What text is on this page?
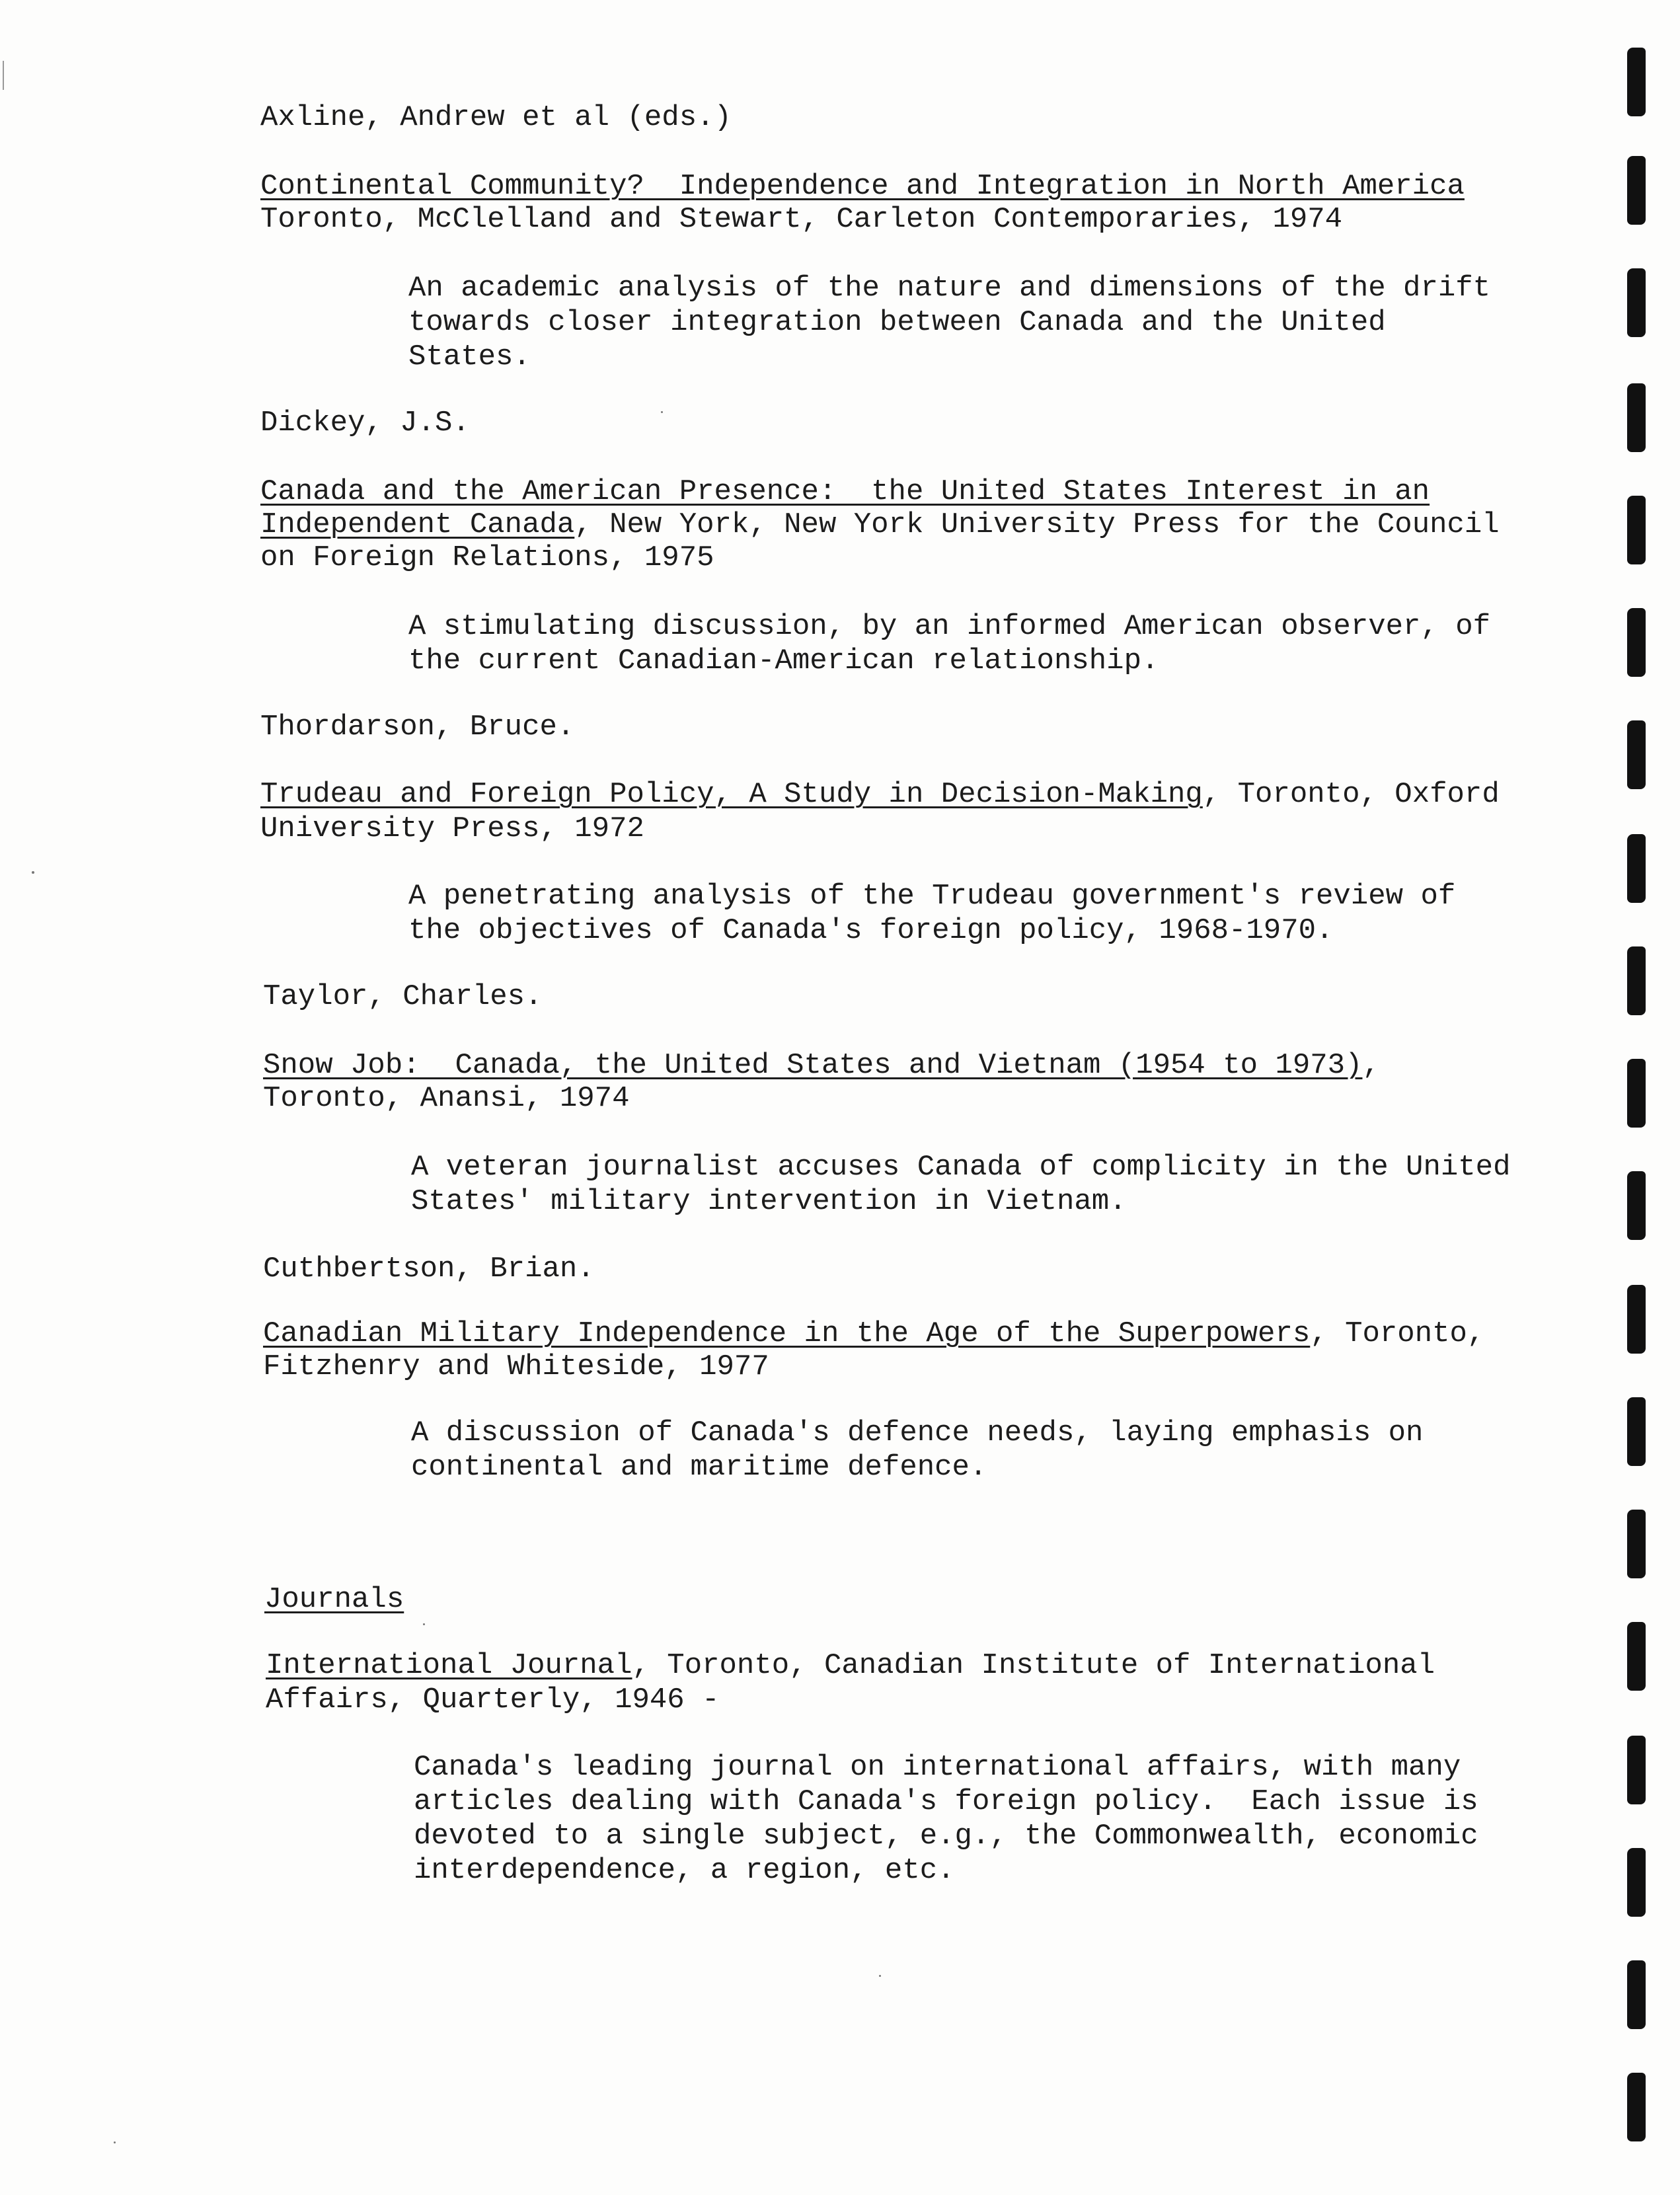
Axline, Andrew et al (eds.)
Continental Community?  Independence and Integration in North America
Toronto, McClelland and Stewart, Carleton Contemporaries, 1974
An academic analysis of the nature and dimensions of the drift
towards closer integration between Canada and the United
States.
Dickey, J.S.
Canada and the American Presence:  the United States Interest in an
Independent Canada, New York, New York University Press for the Council
on Foreign Relations, 1975
A stimulating discussion, by an informed American observer, of
the current Canadian-American relationship.
Thordarson, Bruce.
Trudeau and Foreign Policy, A Study in Decision-Making, Toronto, Oxford
University Press, 1972
A penetrating analysis of the Trudeau government's review of
the objectives of Canada's foreign policy, 1968-1970.
Taylor, Charles.
Snow Job:  Canada, the United States and Vietnam (1954 to 1973),
Toronto, Anansi, 1974
A veteran journalist accuses Canada of complicity in the United
States' military intervention in Vietnam.
Cuthbertson, Brian.
Canadian Military Independence in the Age of the Superpowers, Toronto,
Fitzhenry and Whiteside, 1977
A discussion of Canada's defence needs, laying emphasis on
continental and maritime defence.
Journals
International Journal, Toronto, Canadian Institute of International
Affairs, Quarterly, 1946 -
Canada's leading journal on international affairs, with many
articles dealing with Canada's foreign policy.  Each issue is
devoted to a single subject, e.g., the Commonwealth, economic
interdependence, a region, etc.
